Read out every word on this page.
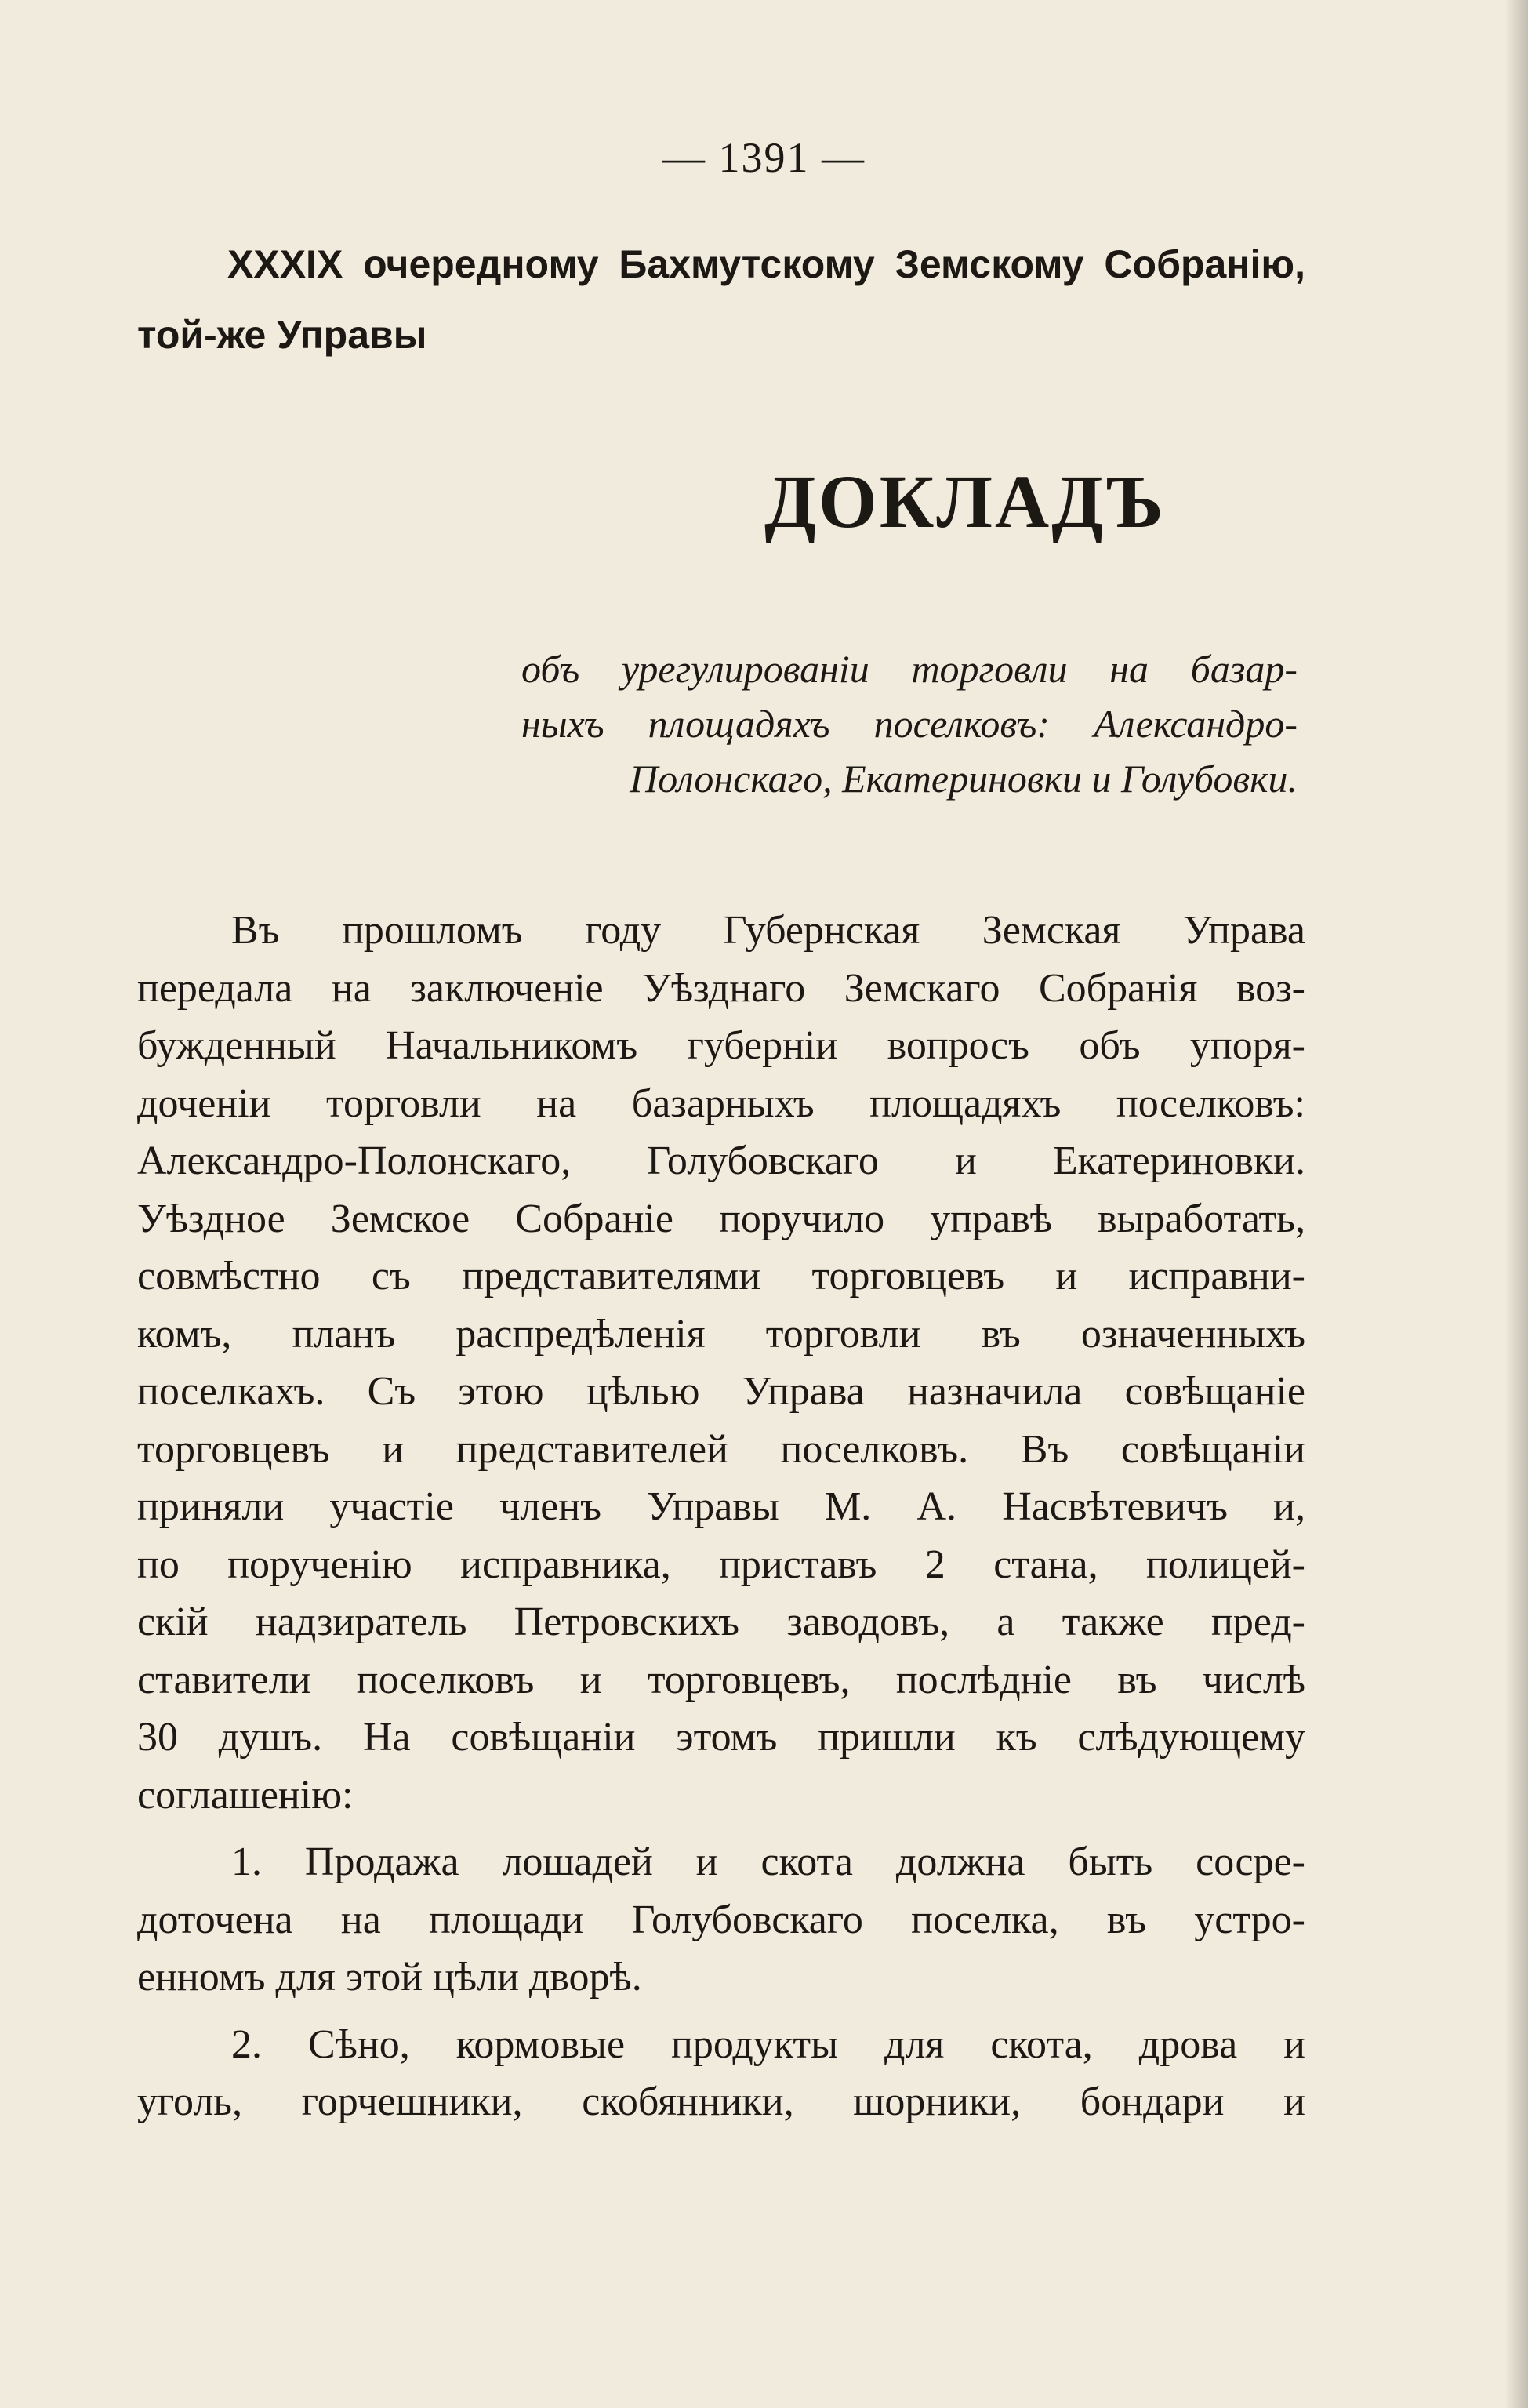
— 1391 —
XXXIX очередному Бахмутскому Земскому Собранію,
той-же Управы
ДОКЛАДЪ
объ урегулированіи торговли на базар-
ныхъ площадяхъ поселковъ: Александро-
Полонскаго, Екатериновки и Голубовки.
Въ прошломъ году Губернская Земская Управа
передала на заключеніе Уѣзднаго Земскаго Собранія воз-
бужденный Начальникомъ губерніи вопросъ объ упоря-
доченіи торговли на базарныхъ площадяхъ поселковъ:
Александро-Полонскаго, Голубовскаго и Екатериновки.
Уѣздное Земское Собраніе поручило управѣ выработать,
совмѣстно съ представителями торговцевъ и исправни-
комъ, планъ распредѣленія торговли въ означенныхъ
поселкахъ. Съ этою цѣлью Управа назначила совѣщаніе
торговцевъ и представителей поселковъ. Въ совѣщаніи
приняли участіе членъ Управы М. А. Насвѣтевичъ и,
по порученію исправника, приставъ 2 стана, полицей-
скій надзиратель Петровскихъ заводовъ, а также пред-
ставители поселковъ и торговцевъ, послѣдніе въ числѣ
30 душъ. На совѣщаніи этомъ пришли къ слѣдующему
соглашенію:
1. Продажа лошадей и скота должна быть сосре-
доточена на площади Голубовскаго поселка, въ устро-
енномъ для этой цѣли дворѣ.
2. Сѣно, кормовые продукты для скота, дрова и
уголь, горчешники, скобянники, шорники, бондари и
